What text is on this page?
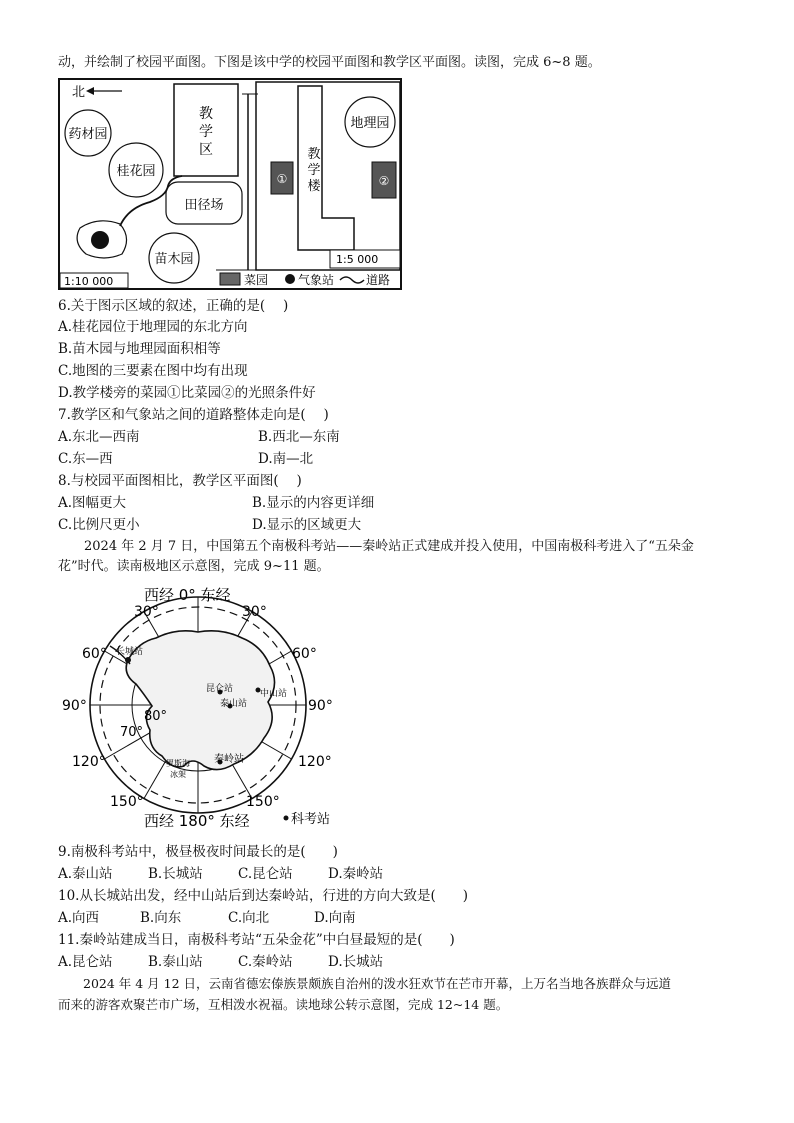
动，并绘制了校园平面图。下图是该中学的校园平面图和教学区平面图。读图，完成 6~8 题。
北
药材园
桂花园
教
学
区
田径场
苗木园
1:10 000
地理园
教
学
楼
①	②
1:5 000
菜园 气象站	道路
6.关于图示区域的叙述，正确的是(　 )
A.桂花园位于地理园的东北方向
B.苗木园与地理园面积相等
C.地图的三要素在图中均有出现
D.教学楼旁的菜园①比菜园②的光照条件好
7.教学区和气象站之间的道路整体走向是(　 )
A.东北—西南	B.西北—东南
C.东—西	D.南—北
8.与校园平面图相比，教学区平面图(　 )
A.图幅更大	B.显示的内容更详细
C.比例尺更小	D.显示的区域更大
　　2024 年 2 月 7 日，中国第五个南极科考站——秦岭站正式建成并投入使用，中国南极科考进入了“五朵金
花”时代。读南极地区示意图，完成 9~11 题。
西经 0° 东经
西经 180° 东经
30°	30°
60°	60°
90°	90°
120°	120°
150°	150°
80°
70°
长城站
昆仑站	中山站
泰山站
秦岭站
罗斯海
冰架
科考站
9.南极科考站中，极昼极夜时间最长的是(　　)
A.泰山站	B.长城站	C.昆仑站	D.秦岭站
10.从长城站出发，经中山站后到达秦岭站，行进的方向大致是(　　)
A.向西	B.向东	C.向北	D.向南
11.秦岭站建成当日，南极科考站“五朵金花”中白昼最短的是(　　)
A.昆仑站	B.泰山站	C.秦岭站	D.长城站
　　2024 年 4 月 12 日，云南省德宏傣族景颇族自治州的泼水狂欢节在芒市开幕，上万名当地各族群众与远道
而来的游客欢聚芒市广场，互相泼水祝福。读地球公转示意图，完成 12~14 题。
